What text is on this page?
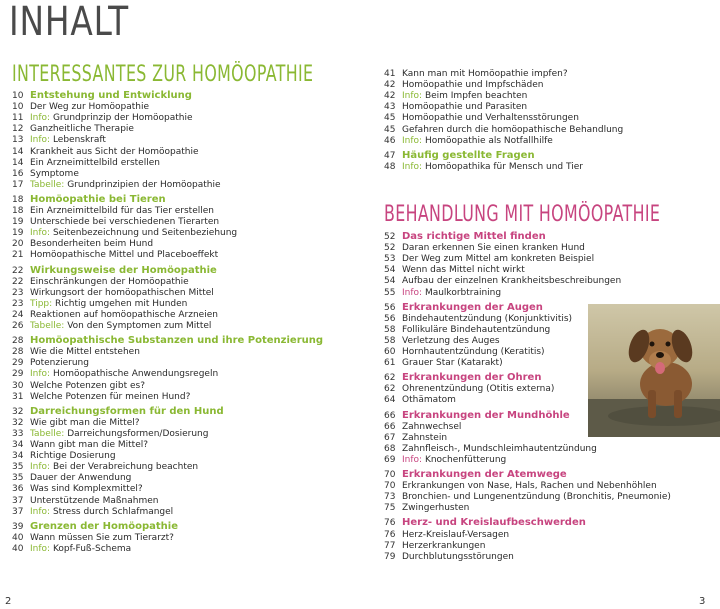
INHALT
INTERESSANTES ZUR HOMÖOPATHIE
10 Entstehung und Entwicklung
10 Der Weg zur Homöopathie
11 Info: Grundprinzip der Homöopathie
12 Ganzheitliche Therapie
13 Info: Lebenskraft
14 Krankheit aus Sicht der Homöopathie
14 Ein Arzneimittelbild erstellen
16 Symptome
17 Tabelle: Grundprinzipien der Homöopathie
18 Homöopathie bei Tieren
18 Ein Arzneimittelbild für das Tier erstellen
19 Unterschiede bei verschiedenen Tierarten
19 Info: Seitenbezeichnung und Seitenbeziehung
20 Besonderheiten beim Hund
21 Homöopathische Mittel und Placeboeffekt
22 Wirkungsweise der Homöopathie
22 Einschränkungen der Homöopathie
23 Wirkungsort der homöopathischen Mittel
23 Tipp: Richtig umgehen mit Hunden
24 Reaktionen auf homöopathische Arzneien
26 Tabelle: Von den Symptomen zum Mittel
28 Homöopathische Substanzen und ihre Potenzierung
28 Wie die Mittel entstehen
29 Potenzierung
29 Info: Homöopathische Anwendungsregeln
30 Welche Potenzen gibt es?
31 Welche Potenzen für meinen Hund?
32 Darreichungsformen für den Hund
32 Wie gibt man die Mittel?
33 Tabelle: Darreichungsformen/Dosierung
34 Wann gibt man die Mittel?
34 Richtige Dosierung
35 Info: Bei der Verabreichung beachten
35 Dauer der Anwendung
36 Was sind Komplexmittel?
37 Unterstützende Maßnahmen
37 Info: Stress durch Schlafmangel
39 Grenzen der Homöopathie
40 Wann müssen Sie zum Tierarzt?
40 Info: Kopf-Fuß-Schema
41 Kann man mit Homöopathie impfen?
42 Homöopathie und Impfschäden
42 Info: Beim Impfen beachten
43 Homöopathie und Parasiten
45 Homöopathie und Verhaltensstörungen
45 Gefahren durch die homöopathische Behandlung
46 Info: Homöopathie als Notfallhilfe
47 Häufig gestellte Fragen
48 Info: Homöopathika für Mensch und Tier
BEHANDLUNG MIT HOMÖOPATHIE
52 Das richtige Mittel finden
52 Daran erkennen Sie einen kranken Hund
53 Der Weg zum Mittel am konkreten Beispiel
54 Wenn das Mittel nicht wirkt
54 Aufbau der einzelnen Krankheitsbeschreibungen
55 Info: Maulkorbtraining
56 Erkrankungen der Augen
56 Bindehautentzündung (Konjunktivitis)
58 Follikuläre Bindehautentzündung
58 Verletzung des Auges
60 Hornhautentzündung (Keratitis)
61 Grauer Star (Katarakt)
62 Erkrankungen der Ohren
62 Ohrenentzündung (Otitis externa)
64 Othämatom
66 Erkrankungen der Mundhöhle
66 Zahnwechsel
67 Zahnstein
68 Zahnfleisch-, Mundschleimhautentzündung
69 Info: Knochenfütterung
70 Erkrankungen der Atemwege
70 Erkrankungen von Nase, Hals, Rachen und Nebenhöhlen
73 Bronchien- und Lungenentzündung (Bronchitis, Pneumonie)
75 Zwingerhusten
76 Herz- und Kreislaufbeschwerden
76 Herz-Kreislauf-Versagen
77 Herzerkrankungen
79 Durchblutungsstörungen
2	3
